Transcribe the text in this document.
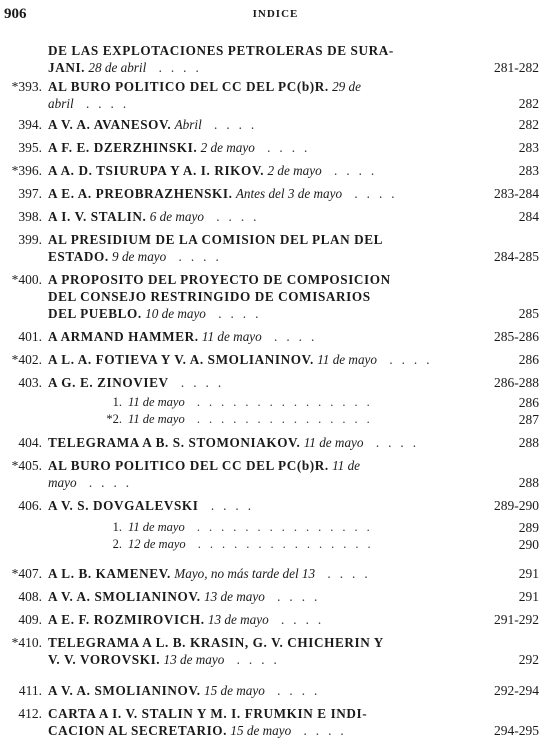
906	INDICE
DE LAS EXPLOTACIONES PETROLERAS DE SURA-
JANI. 28 de abril ....	281-282
*393. AL BURO POLITICO DEL CC DEL PC(b)R. 29 de
abril ....	282
394. A V. A. AVANESOV. Abril ....	282
395. A F. E. DZERZHINSKI. 2 de mayo ....	283
*396. A A. D. TSIURUPA Y A. I. RIKOV. 2 de mayo ....	283
397. A E. A. PREOBRAZHENSKI. Antes del 3 de mayo ....	283-284
398. A I. V. STALIN. 6 de mayo ....	284
399. AL PRESIDIUM DE LA COMISION DEL PLAN DEL
ESTADO. 9 de mayo ....	284-285
*400. A PROPOSITO DEL PROYECTO DE COMPOSICION
DEL CONSEJO RESTRINGIDO DE COMISARIOS
DEL PUEBLO. 10 de mayo ....	285
401. A ARMAND HAMMER. 11 de mayo ....	285-286
*402. A L. A. FOTIEVA Y V. A. SMOLIANINOV. 11 de mayo ....	286
403. A G. E. ZINOVIEV ....	286-288
1. 11 de mayo ...............	286
*2. 11 de mayo ...............	287
404. TELEGRAMA A B. S. STOMONIAKOV. 11 de mayo ....	288
*405. AL BURO POLITICO DEL CC DEL PC(b)R. 11 de
mayo ....	288
406. A V. S. DOVGALEVSKI ....	289-290
1. 11 de mayo ...............	289
2. 12 de mayo ...............	290
*407. A L. B. KAMENEV. Mayo, no más tarde del 13 ....	291
408. A V. A. SMOLIANINOV. 13 de mayo ....	291
409. A E. F. ROZMIROVICH. 13 de mayo ....	291-292
*410. TELEGRAMA A L. B. KRASIN, G. V. CHICHERIN Y
V. V. VOROVSKI. 13 de mayo ....	292
411. A V. A. SMOLIANINOV. 15 de mayo ....	292-294
412. CARTA A I. V. STALIN Y M. I. FRUMKIN E INDI-
CACION AL SECRETARIO. 15 de mayo ....	294-295
